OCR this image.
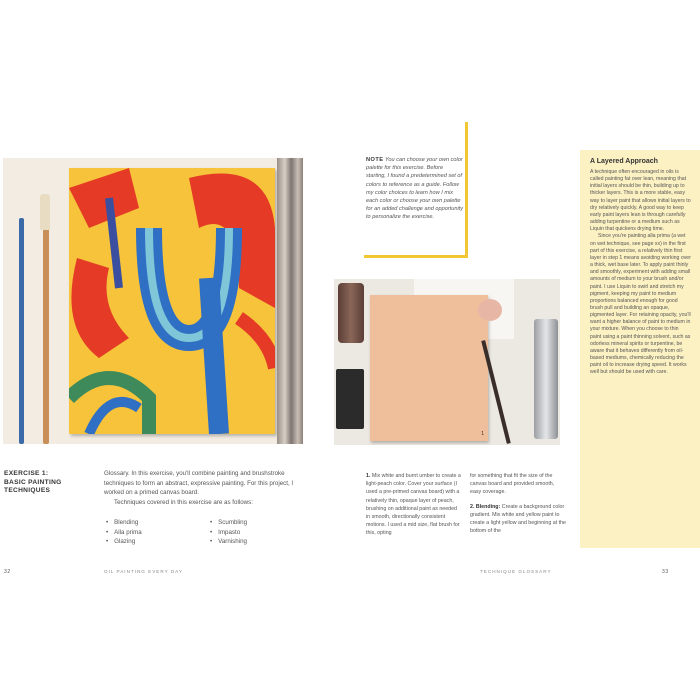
NOTE You can choose your own color palette for this exercise. Before starting, I found a predetermined set of colors to reference as a guide. Follow my color choices to learn how I mix each color or choose your own palette for an added challenge and opportunity to personalize the exercise.
1
A Layered Approach

A technique often encouraged in oils is called painting fat over lean, meaning that initial layers should be thin, building up to thicker layers. This is a more stable, easy way to layer paint that allows initial layers to dry relatively quickly. A good way to keep early paint layers lean is through carefully adding turpentine or a medium such as Liquin that quickens drying time.

Since you're painting alla prima (a wet on wet technique, see page xx) in the first part of this exercise, a relatively thin first layer in step 1 means avoiding working over a thick, wet base later. To apply paint thinly and smoothly, experiment with adding small amounts of medium to your brush and/or paint. I use Liquin to swirl and stretch my pigment, keeping my paint to medium proportions balanced enough for good brush pull and building an opaque, pigmented layer. For retaining opacity, you'll want a higher balance of paint to medium in your mixture. When you choose to thin paint using a paint thinning solvent, such as odorless mineral spirits or turpentine, be aware that it behaves differently from oil-based mediums, chemically reducing the paint oil to increase drying speed. It works well but should be used with care.

EXERCISE 1:
BASIC PAINTING
TECHNIQUES

Glossary. In this exercise, you'll combine painting and brushstroke techniques to form an abstract, expressive painting. For this project, I worked on a primed canvas board.

Techniques covered in this exercise are as follows:

• Blending
• Alla prima
• Glazing
• Scumbling
• Impasto
• Varnishing
1. Mix white and burnt umber to create a light-peach color. Cover your surface (I used a pre-primed canvas board) with a relatively thin, opaque layer of peach, brushing on additional paint as needed in smooth, directionally consistent motions. I used a mid size, flat brush for this, opting
for something that fit the size of the canvas board and provided smooth, easy coverage.
2. Blending: Create a background color gradient. Mix white and yellow paint to create a light yellow and beginning at the bottom of the
32	OIL PAINTING EVERY DAY	TECHNIQUE GLOSSARY	33
